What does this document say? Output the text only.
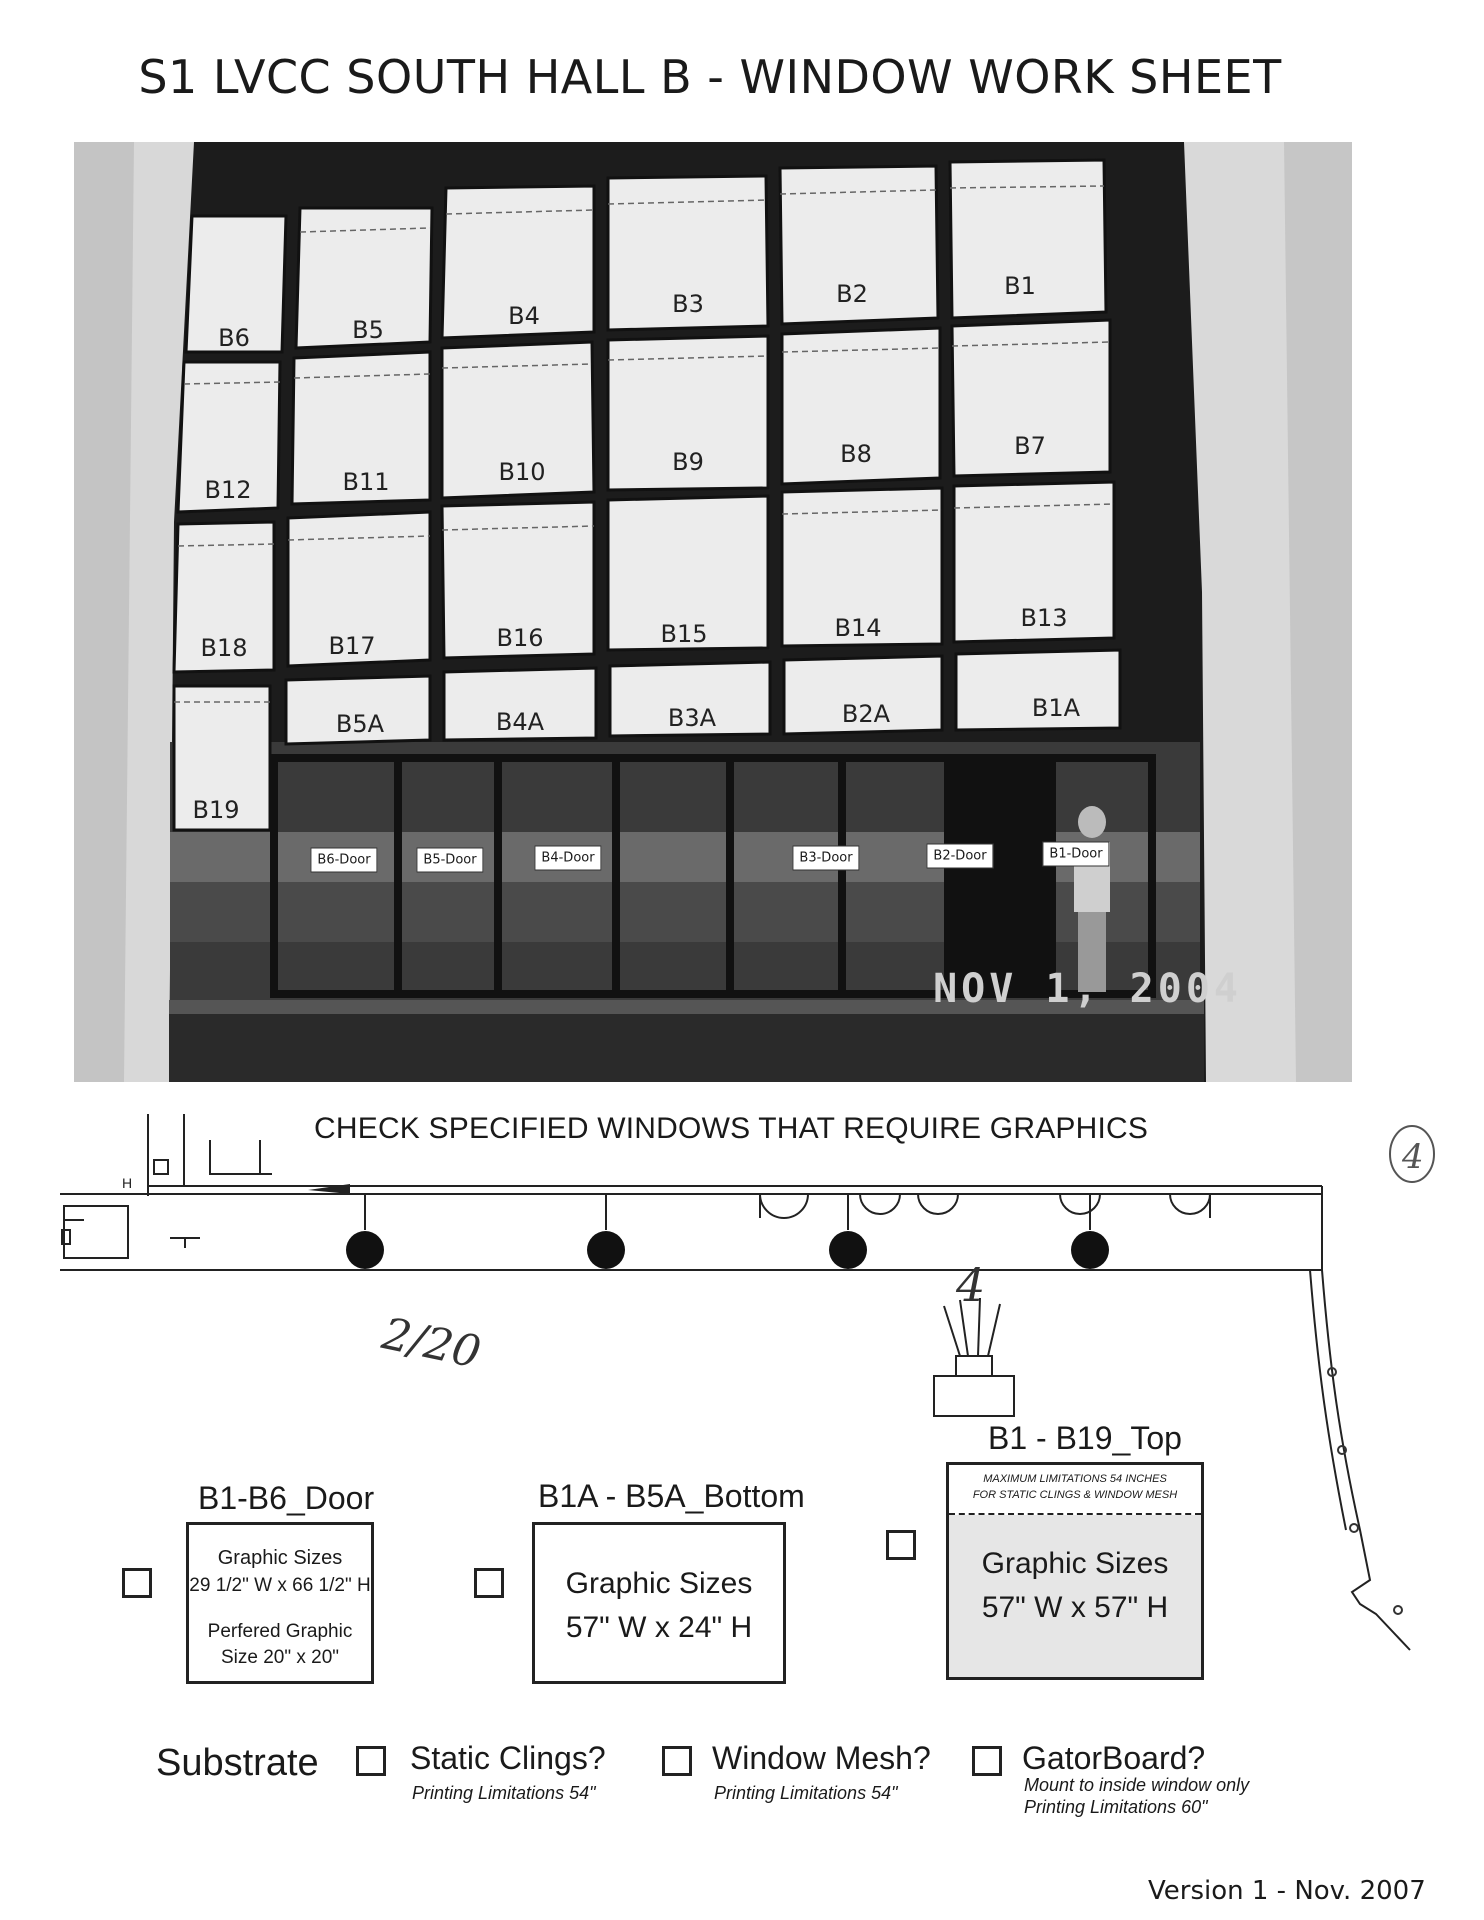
S1 LVCC SOUTH HALL B - WINDOW WORK SHEET
B6	B5	B4	B3	B2	B1
B12	B11	B10	B9	B8	B7
B18	B17	B16	B15	B14	B13
B5A	B4A	B3A	B2A	B1A
B19
B6-Door	B5-Door	B4-Door	B3-Door	B2-Door	B1-Door
NOV 1, 2004
H
CHECK SPECIFIED WINDOWS THAT REQUIRE GRAPHICS
4
2/20
4
B1-B6_Door
Graphic Sizes
29 1/2" W x 66 1/2" H
Perfered Graphic
Size 20" x 20"
B1A - B5A_Bottom
Graphic Sizes
57" W x 24" H
B1 - B19_Top
MAXIMUM LIMITATIONS 54 INCHES
FOR STATIC CLINGS & WINDOW MESH
Graphic Sizes
57" W x 57" H
Substrate	Static Clings?
Printing Limitations 54"
Window Mesh?
Printing Limitations 54"
GatorBoard?
Mount to inside window only
Printing Limitations 60"
Version 1 - Nov. 2007
